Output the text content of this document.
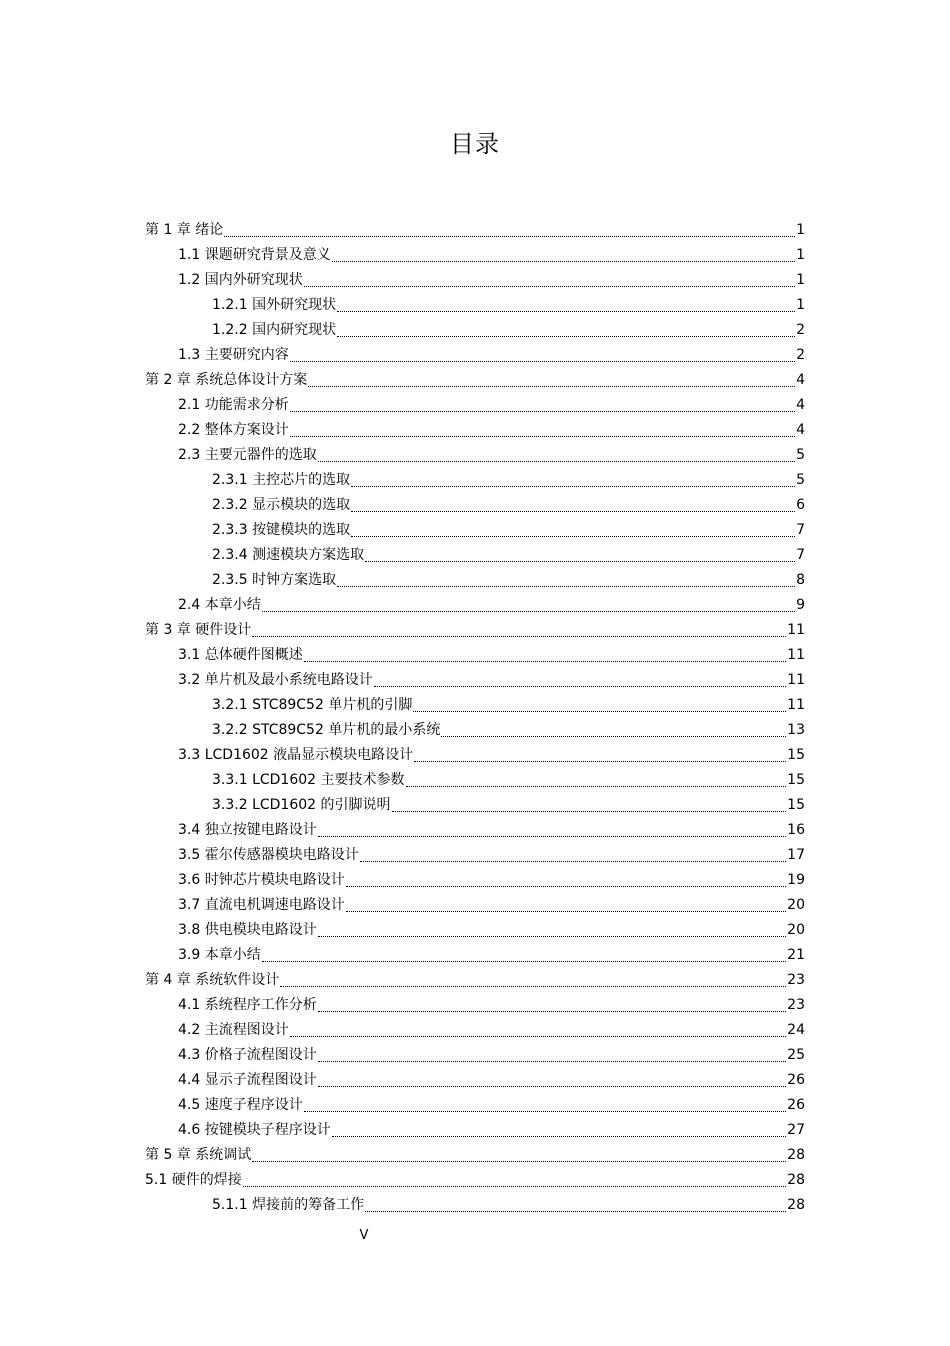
目录
第 1 章 绪论	1
1.1 课题研究背景及意义	1
1.2 国内外研究现状	1
1.2.1 国外研究现状	1
1.2.2 国内研究现状	2
1.3 主要研究内容	2
第 2 章 系统总体设计方案	4
2.1 功能需求分析	4
2.2 整体方案设计	4
2.3 主要元器件的选取	5
2.3.1 主控芯片的选取	5
2.3.2 显示模块的选取	6
2.3.3 按键模块的选取	7
2.3.4 测速模块方案选取	7
2.3.5 时钟方案选取	8
2.4 本章小结	9
第 3 章 硬件设计	11
3.1 总体硬件图概述	11
3.2 单片机及最小系统电路设计	11
3.2.1 STC89C52 单片机的引脚	11
3.2.2 STC89C52 单片机的最小系统	13
3.3 LCD1602 液晶显示模块电路设计	15
3.3.1 LCD1602 主要技术参数	15
3.3.2 LCD1602 的引脚说明	15
3.4 独立按键电路设计	16
3.5 霍尔传感器模块电路设计	17
3.6 时钟芯片模块电路设计	19
3.7 直流电机调速电路设计	20
3.8 供电模块电路设计	20
3.9 本章小结	21
第 4 章 系统软件设计	23
4.1 系统程序工作分析	23
4.2 主流程图设计	24
4.3 价格子流程图设计	25
4.4 显示子流程图设计	26
4.5 速度子程序设计	26
4.6 按键模块子程序设计	27
第 5 章 系统调试	28
5.1 硬件的焊接	28
5.1.1 焊接前的筹备工作	28
V
